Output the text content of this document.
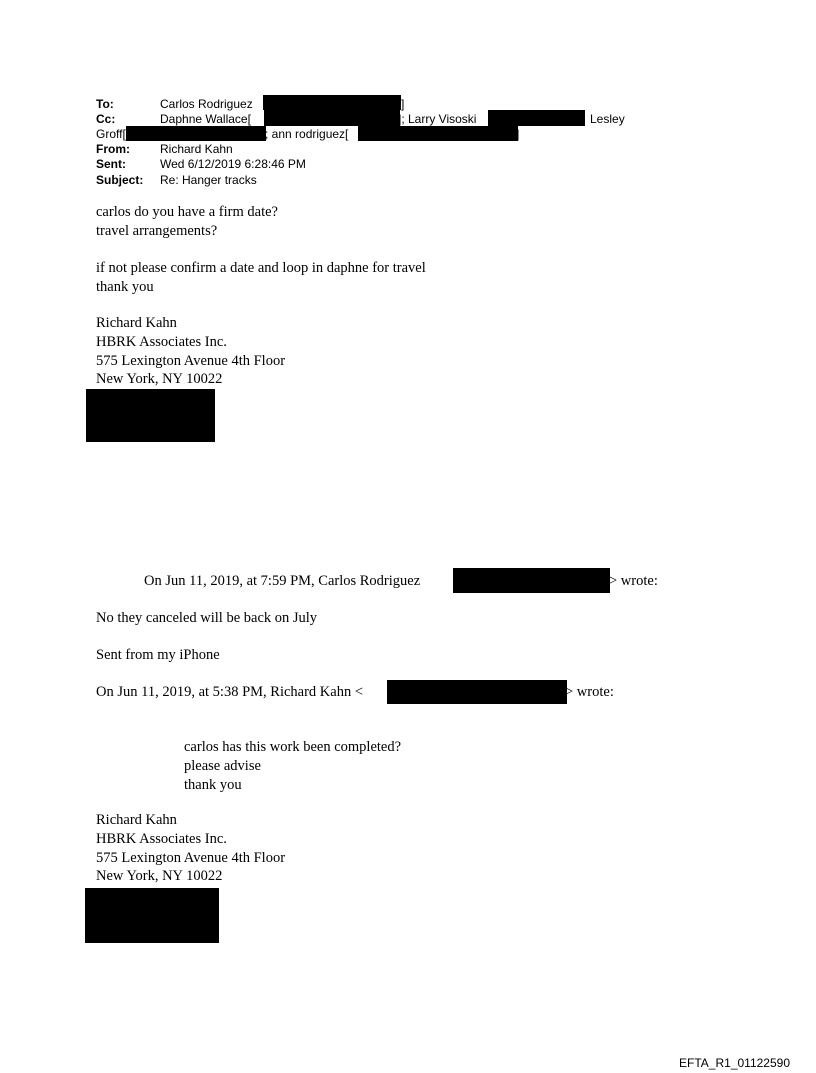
To:	Carlos Rodriguez	]
Cc:	Daphne Wallace[	]; Larry Visoski	Lesley
Groff[	; ann rodriguez[	]
From:	Richard Kahn
Sent:	Wed 6/12/2019 6:28:46 PM
Subject: Re: Hanger tracks
carlos do you have a firm date?
travel arrangements?
if not please confirm a date and loop in daphne for travel
thank you
Richard Kahn
HBRK Associates Inc.
575 Lexington Avenue 4th Floor
New York, NY 10022
On Jun 11, 2019, at 7:59 PM, Carlos Rodriguez	> wrote:
No they canceled will be back on July
Sent from my iPhone
On Jun 11, 2019, at 5:38 PM, Richard Kahn <	> wrote:
carlos has this work been completed?
please advise
thank you
Richard Kahn
HBRK Associates Inc.
575 Lexington Avenue 4th Floor
New York, NY 10022
EFTA_R1_01122590
